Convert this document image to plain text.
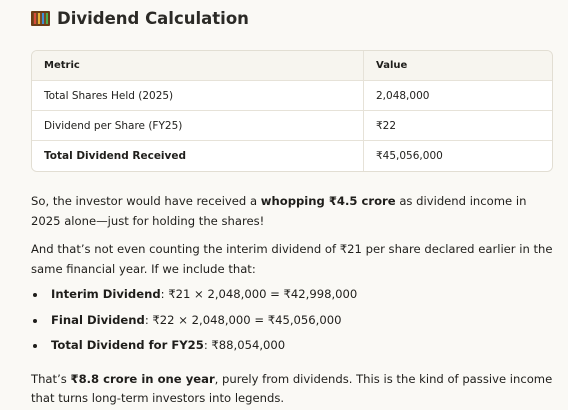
Dividend Calculation
Metric	Value
Total Shares Held (2025)	2,048,000
Dividend per Share (FY25)	₹22
Total Dividend Received	₹45,056,000

So, the investor would have received a whopping ₹4.5 crore as dividend income in 2025 alone—just for holding the shares!

And that’s not even counting the interim dividend of ₹21 per share declared earlier in the same financial year. If we include that:

Interim Dividend: ₹21 × 2,048,000 = ₹42,998,000
Final Dividend: ₹22 × 2,048,000 = ₹45,056,000
Total Dividend for FY25: ₹88,054,000

That’s ₹8.8 crore in one year, purely from dividends. This is the kind of passive income that turns long-term investors into legends.
